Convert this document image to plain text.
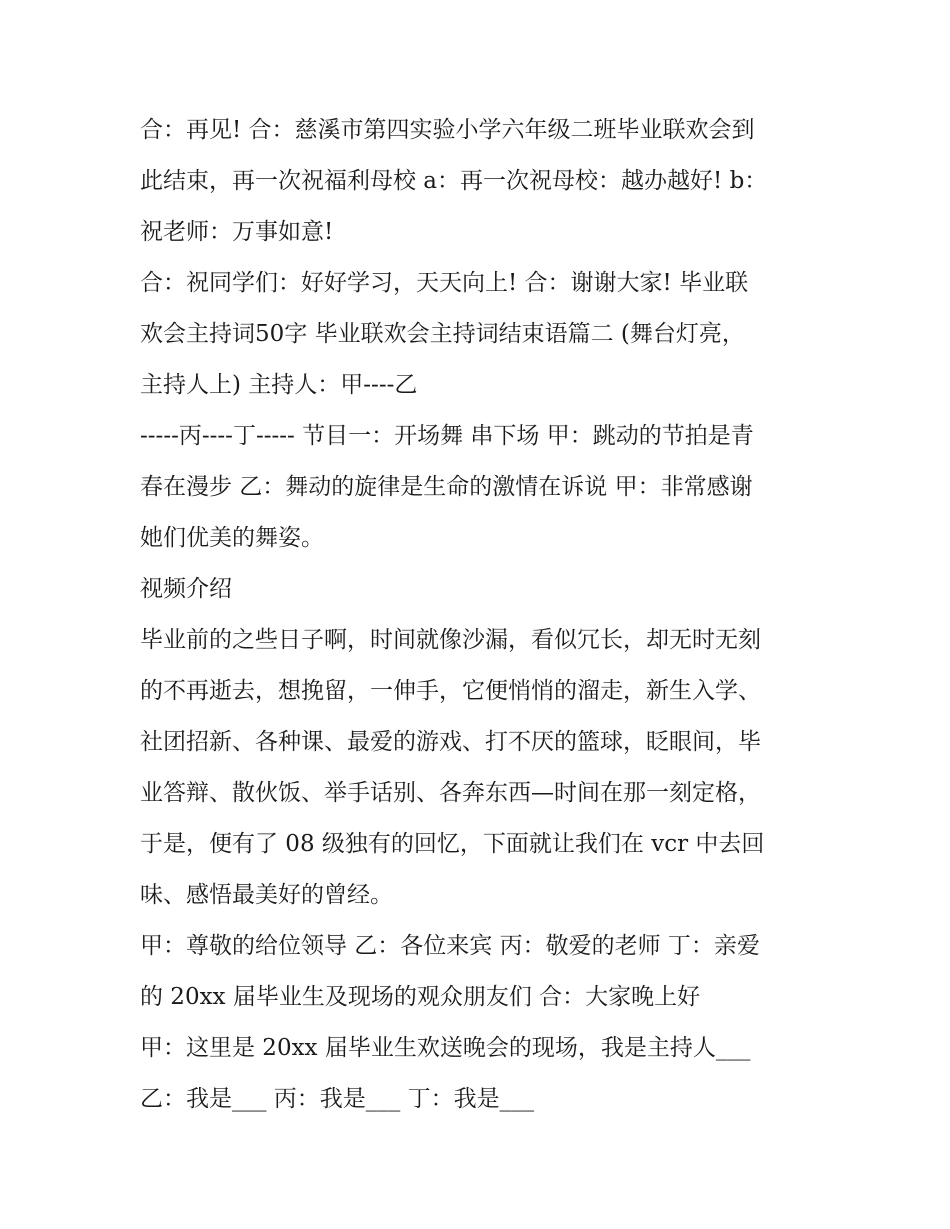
合：再见! 合：慈溪市第四实验小学六年级二班毕业联欢会到
此结束，再一次祝福利母校 a：再一次祝母校：越办越好! b：
祝老师：万事如意!
合：祝同学们：好好学习，天天向上! 合：谢谢大家! 毕业联
欢会主持词50字 毕业联欢会主持词结束语篇二 (舞台灯亮，
主持人上) 主持人：甲----乙
-----丙----丁----- 节目一：开场舞 串下场 甲：跳动的节拍是青
春在漫步 乙：舞动的旋律是生命的激情在诉说 甲：非常感谢
她们优美的舞姿。
视频介绍
毕业前的之些日子啊，时间就像沙漏，看似冗长，却无时无刻
的不再逝去，想挽留，一伸手，它便悄悄的溜走，新生入学、
社团招新、各种课、最爱的游戏、打不厌的篮球，眨眼间，毕
业答辩、散伙饭、举手话别、各奔东西—时间在那一刻定格，
于是，便有了 08 级独有的回忆，下面就让我们在 vcr 中去回
味、感悟最美好的曾经。
甲：尊敬的给位领导 乙：各位来宾 丙：敬爱的老师 丁：亲爱
的 20xx 届毕业生及现场的观众朋友们 合：大家晚上好
甲：这里是 20xx 届毕业生欢送晚会的现场，我是主持人___
乙：我是___ 丙：我是___ 丁：我是___
